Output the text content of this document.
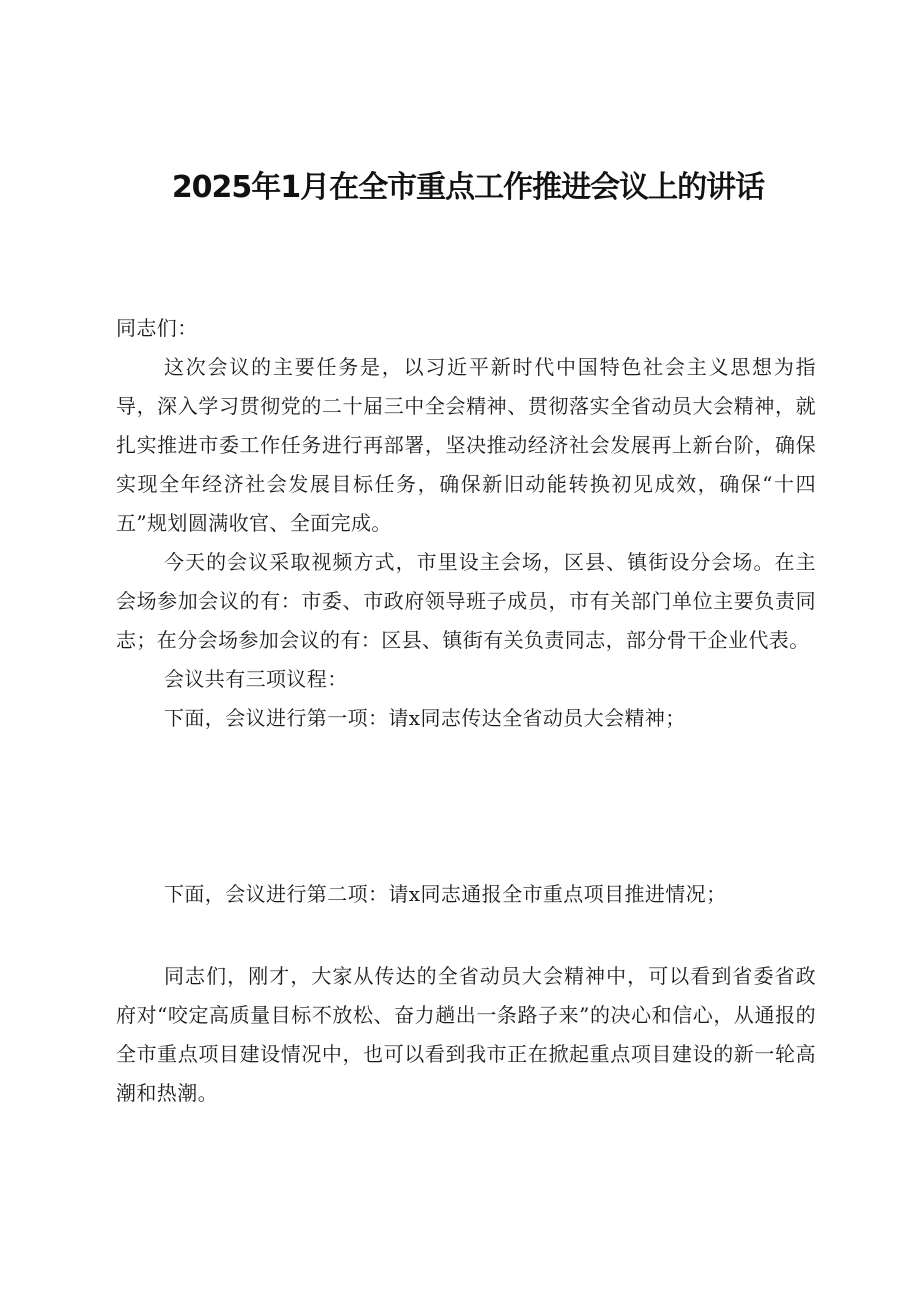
2025年1月在全市重点工作推进会议上的讲话

同志们：

这次会议的主要任务是，以习近平新时代中国特色社会主义思想为指导，深入学习贯彻党的二十届三中全会精神、贯彻落实全省动员大会精神，就扎实推进市委工作任务进行再部署，坚决推动经济社会发展再上新台阶，确保实现全年经济社会发展目标任务，确保新旧动能转换初见成效，确保“十四五”规划圆满收官、全面完成。

今天的会议采取视频方式，市里设主会场，区县、镇街设分会场。在主会场参加会议的有：市委、市政府领导班子成员，市有关部门单位主要负责同志；在分会场参加会议的有：区县、镇街有关负责同志，部分骨干企业代表。

会议共有三项议程：

下面，会议进行第一项：请x同志传达全省动员大会精神；

下面，会议进行第二项：请x同志通报全市重点项目推进情况；

同志们，刚才，大家从传达的全省动员大会精神中，可以看到省委省政府对“咬定高质量目标不放松、奋力趟出一条路子来”的决心和信心，从通报的全市重点项目建设情况中，也可以看到我市正在掀起重点项目建设的新一轮高潮和热潮。
